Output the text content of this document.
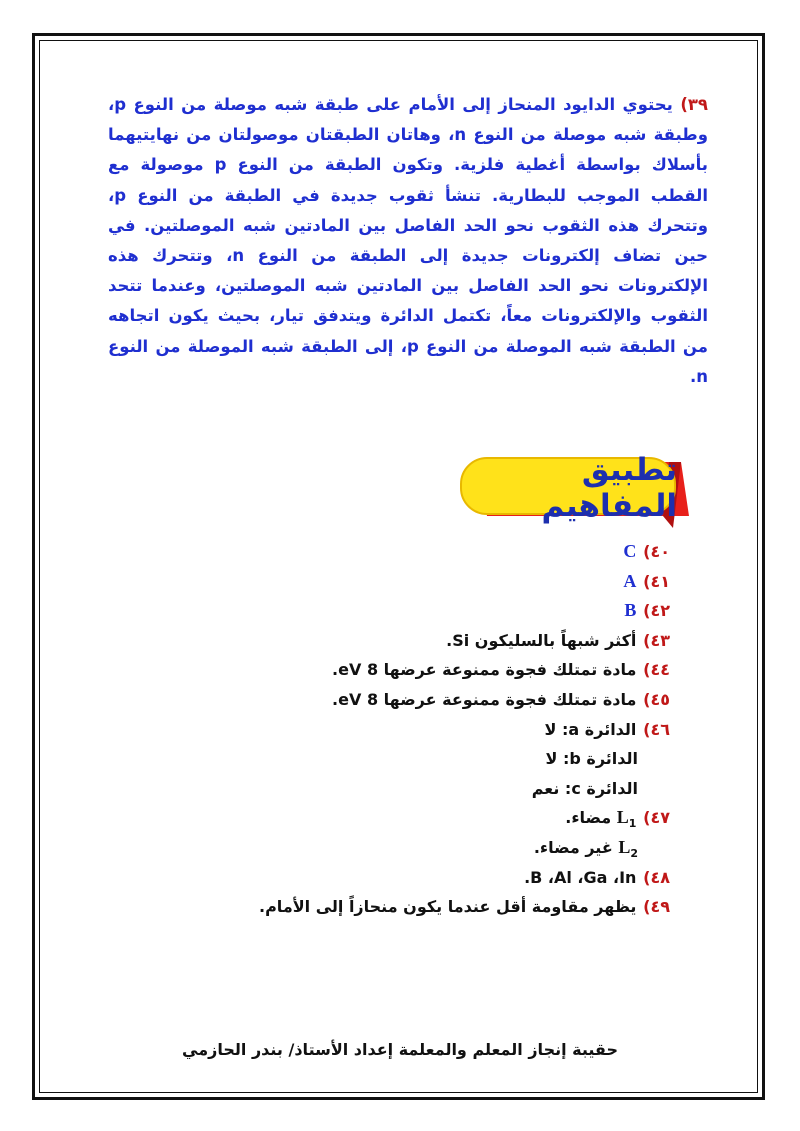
٣٩) يحتوي الدايود المنحاز إلى الأمام على طبقة شبه موصلة من النوع p، وطبقة شبه موصلة من النوع n، وهاتان الطبقتان موصولتان من نهايتيهما بأسلاك بواسطة أغطية فلزية. وتكون الطبقة من النوع p موصولة مع القطب الموجب للبطارية. تنشأ ثقوب جديدة في الطبقة من النوع p، وتتحرك هذه الثقوب نحو الحد الفاصل بين المادتين شبه الموصلتين. في حين تضاف إلكترونات جديدة إلى الطبقة من النوع n، وتتحرك هذه الإلكترونات نحو الحد الفاصل بين المادتين شبه الموصلتين، وعندما تتحد الثقوب والإلكترونات معاً، تكتمل الدائرة ويتدفق تيار، بحيث يكون اتجاهه من الطبقة شبه الموصلة من النوع p، إلى الطبقة شبه الموصلة من النوع n.

تطبيق المفاهيم
٤٠) C
٤١) A
٤٢) B
٤٣) أكثر شبهاً بالسليكون Si.
٤٤) مادة تمتلك فجوة ممنوعة عرضها 8 eV.
٤٥) مادة تمتلك فجوة ممنوعة عرضها 8 eV.
٤٦) الدائرة a: لا
الدائرة b: لا
الدائرة c: نعم
٤٧) $L_1$ مضاء.
$L_2$ غير مضاء.
٤٨) B ،Al ،Ga ،In.
٤٩) يظهر مقاومة أقل عندما يكون منحازاً إلى الأمام.
حقيبة إنجاز المعلم والمعلمة إعداد الأستاذ/ بندر الحازمي
